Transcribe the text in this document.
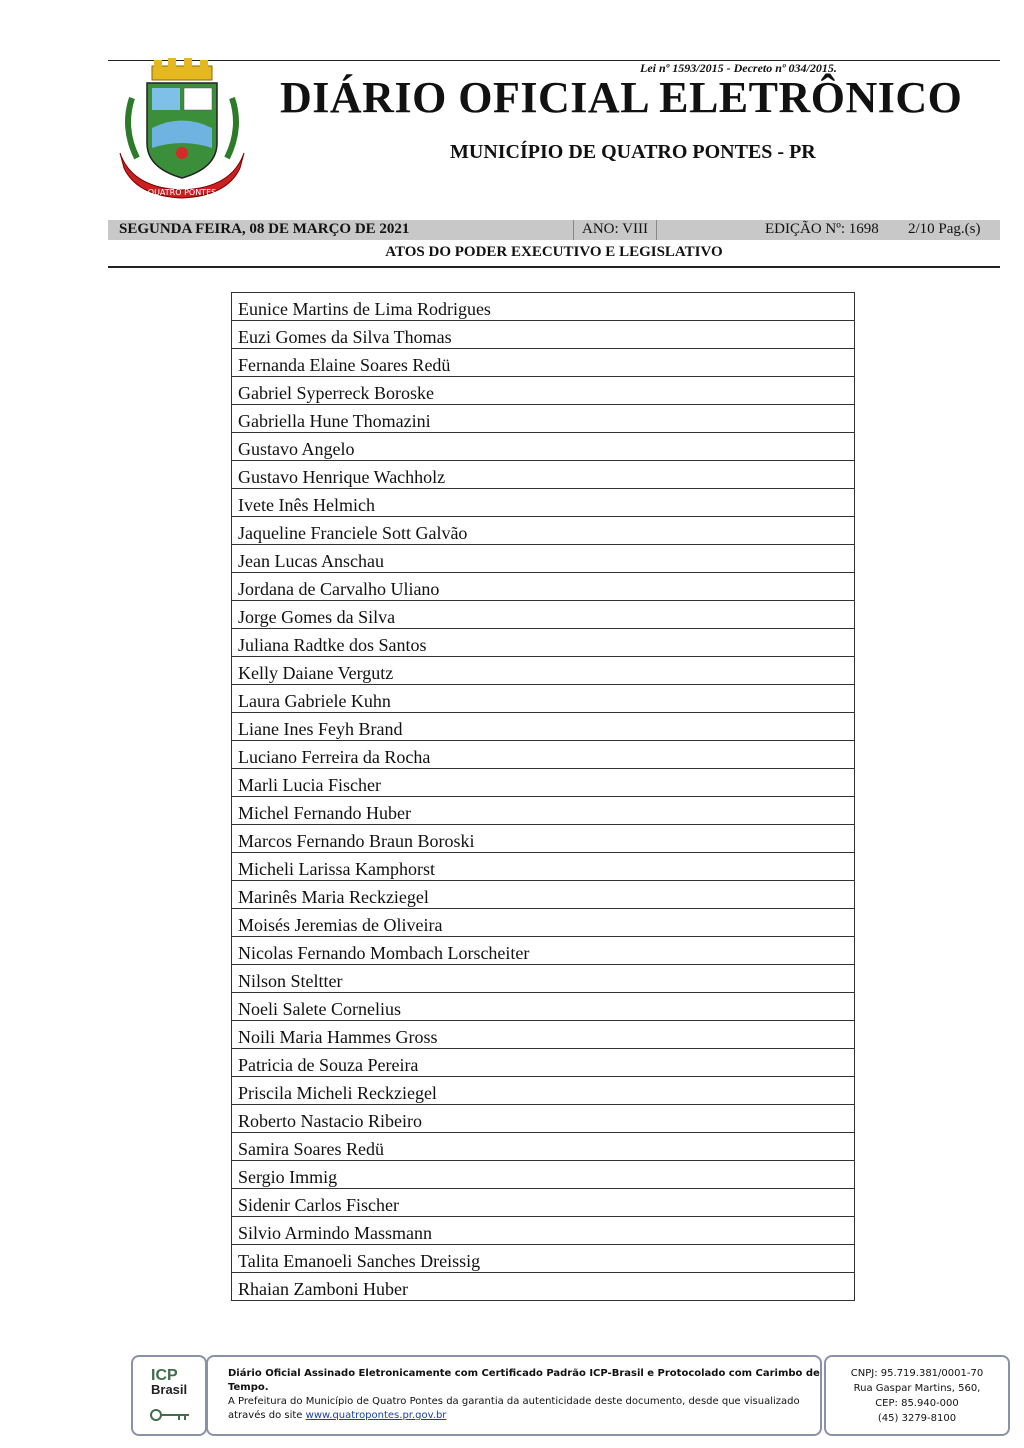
Lei nº 1593/2015 - Decreto nº 034/2015.
QUATRO PONTES
DIÁRIO OFICIAL ELETRÔNICO
MUNICÍPIO DE QUATRO PONTES - PR
SEGUNDA FEIRA, 08 DE MARÇO DE 2021	ANO: VIII	EDIÇÃO Nº: 1698 2/10 Pag.(s)
ATOS DO PODER EXECUTIVO E LEGISLATIVO
Eunice Martins de Lima Rodrigues
Euzi Gomes da Silva Thomas
Fernanda Elaine Soares Redü
Gabriel Syperreck Boroske
Gabriella Hune Thomazini
Gustavo Angelo
Gustavo Henrique Wachholz
Ivete Inês Helmich
Jaqueline Franciele Sott Galvão
Jean Lucas Anschau
Jordana de Carvalho Uliano
Jorge Gomes da Silva
Juliana Radtke dos Santos
Kelly Daiane Vergutz
Laura Gabriele Kuhn
Liane Ines Feyh Brand
Luciano Ferreira da Rocha
Marli Lucia Fischer
Michel Fernando Huber
Marcos Fernando Braun Boroski
Micheli Larissa Kamphorst
Marinês Maria Reckziegel
Moisés Jeremias de Oliveira
Nicolas Fernando Mombach Lorscheiter
Nilson Steltter
Noeli Salete Cornelius
Noili Maria Hammes Gross
Patricia de Souza Pereira
Priscila Micheli Reckziegel
Roberto Nastacio Ribeiro
Samira Soares Redü
Sergio Immig
Sidenir Carlos Fischer
Silvio Armindo Massmann
Talita Emanoeli Sanches Dreissig
Rhaian Zamboni Huber
ICP
Brasil
Diário Oficial Assinado Eletronicamente com Certificado Padrão ICP-Brasil e Protocolado com Carimbo de Tempo.
A Prefeitura do Município de Quatro Pontes da garantia da autenticidade deste documento, desde que visualizado
através do site www.quatropontes.pr.gov.br
CNPJ: 95.719.381/0001-70
Rua Gaspar Martins, 560,
CEP: 85.940-000
(45) 3279-8100
